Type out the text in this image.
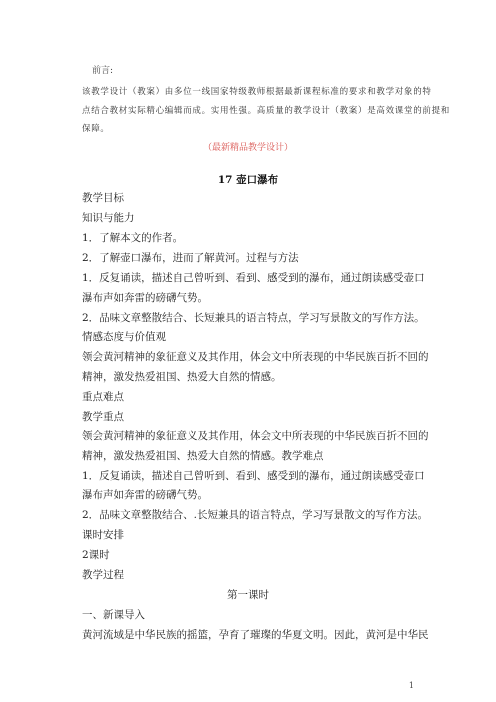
前言:
该教学设计（教案）由多位一线国家特级教师根据最新课程标准的要求和教学对象的特
点结合教材实际精心编辑而成。实用性强。高质量的教学设计（教案）是高效课堂的前提和
保障。
（最新精品教学设计）
17 壶口瀑布
教学目标
知识与能力
1．了解本文的作者。
2．了解壶口瀑布，进而了解黄河。过程与方法
1．反复诵读，描述自己曾听到、看到、感受到的瀑布，通过朗读感受壶口
瀑布声如奔雷的磅礴气势。
2．品味文章整散结合、长短兼具的语言特点，学习写景散文的写作方法。
情感态度与价值观
领会黄河精神的象征意义及其作用，体会文中所表现的中华民族百折不回的
精神，激发热爱祖国、热爱大自然的情感。
重点难点
教学重点
领会黄河精神的象征意义及其作用，体会文中所表现的中华民族百折不回的
精神，激发热爱祖国、热爱大自然的情感。教学难点
1．反复诵读，描述自己曾听到、看到、感受到的瀑布，通过朗读感受壶口
瀑布声如奔雷的磅礴气势。
2．品味文章整散结合、.长短兼具的语言特点，学习写景散文的写作方法。
课时安排
2课时
教学过程
第一课时
一、新课导入
黄河流域是中华民族的摇篮，孕育了璀璨的华夏文明。因此，黄河是中华民
1
